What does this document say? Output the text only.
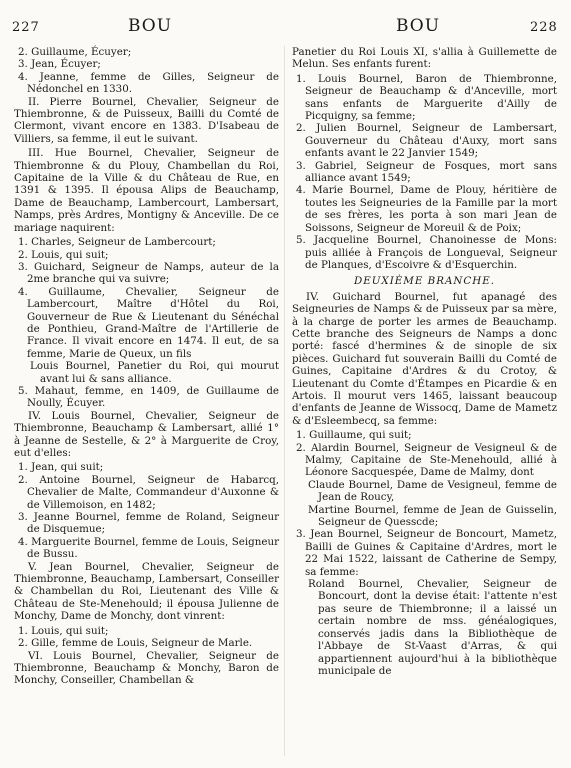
227	BOU	BOU	228

2. Guillaume, Écuyer;

3. Jean, Écuyer;

4. Jeanne, femme de Gilles, Seigneur de Nédonchel en 1330.

II. Pierre Bournel, Chevalier, Seigneur de Thiembronne, & de Puisseux, Bailli du Comté de Clermont, vivant encore en 1383. D'Isabeau de Villiers, sa femme, il eut le suivant.

III. Hue Bournel, Chevalier, Seigneur de Thiembronne & du Plouy, Chambellan du Roi, Capitaine de la Ville & du Château de Rue, en 1391 & 1395. Il épousa Alips de Beauchamp, Dame de Beauchamp, Lambercourt, Lambersart, Namps, près Ardres, Montigny & Anceville. De ce mariage naquirent:

1. Charles, Seigneur de Lambercourt;

2. Louis, qui suit;

3. Guichard, Seigneur de Namps, auteur de la 2me branche qui va suivre;

4. Guillaume, Chevalier, Seigneur de Lambercourt, Maître d'Hôtel du Roi, Gouverneur de Rue & Lieutenant du Sénéchal de Ponthieu, Grand-Maître de l'Artillerie de France. Il vivait encore en 1474. Il eut, de sa femme, Marie de Queux, un fils

Louis Bournel, Panetier du Roi, qui mourut avant lui & sans alliance.

5. Mahaut, femme, en 1409, de Guillaume de Noully, Écuyer.

IV. Louis Bournel, Chevalier, Seigneur de Thiembronne, Beauchamp & Lambersart, allié 1° à Jeanne de Sestelle, & 2° à Marguerite de Croy, eut d'elles:

1. Jean, qui suit;

2. Antoine Bournel, Seigneur de Habarcq, Chevalier de Malte, Commandeur d'Auxonne & de Villemoison, en 1482;

3. Jeanne Bournel, femme de Roland, Seigneur de Disquemue;

4. Marguerite Bournel, femme de Louis, Seigneur de Bussu.

V. Jean Bournel, Chevalier, Seigneur de Thiembronne, Beauchamp, Lambersart, Conseiller & Chambellan du Roi, Lieutenant des Ville & Château de Ste-Menehould; il épousa Julienne de Monchy, Dame de Monchy, dont vinrent:

1. Louis, qui suit;

2. Gille, femme de Louis, Seigneur de Marle.

VI. Louis Bournel, Chevalier, Seigneur de Thiembronne, Beauchamp & Monchy, Baron de Monchy, Conseiller, Chambellan &

Panetier du Roi Louis XI, s'allia à Guillemette de Melun. Ses enfants furent:

1. Louis Bournel, Baron de Thiembronne, Seigneur de Beauchamp & d'Anceville, mort sans enfants de Marguerite d'Ailly de Picquigny, sa femme;

2. Julien Bournel, Seigneur de Lambersart, Gouverneur du Château d'Auxy, mort sans enfants avant le 22 Janvier 1549;

3. Gabriel, Seigneur de Fosques, mort sans alliance avant 1549;

4. Marie Bournel, Dame de Plouy, héritière de toutes les Seigneuries de la Famille par la mort de ses frères, les porta à son mari Jean de Soissons, Seigneur de Moreuil & de Poix;

5. Jacqueline Bournel, Chanoinesse de Mons: puis alliée à François de Longueval, Seigneur de Planques, d'Escoivre & d'Esquerchin.

DEUXIÈME BRANCHE.

IV. Guichard Bournel, fut apanagé des Seigneuries de Namps & de Puisseux par sa mère, à la charge de porter les armes de Beauchamp. Cette branche des Seigneurs de Namps a donc porté: fascé d'hermines & de sinople de six pièces. Guichard fut souverain Bailli du Comté de Guines, Capitaine d'Ardres & du Crotoy, & Lieutenant du Comte d'Étampes en Picardie & en Artois. Il mourut vers 1465, laissant beaucoup d'enfants de Jeanne de Wissocq, Dame de Mametz & d'Esleembecq, sa femme:

1. Guillaume, qui suit;

2. Alardin Bournel, Seigneur de Vesigneul & de Malmy, Capitaine de Ste-Menehould, allié à Léonore Sacquespée, Dame de Malmy, dont

Claude Bournel, Dame de Vesigneul, femme de Jean de Roucy,

Martine Bournel, femme de Jean de Guisselin, Seigneur de Quesscde;

3. Jean Bournel, Seigneur de Boncourt, Mametz, Bailli de Guines & Capitaine d'Ardres, mort le 22 Mai 1522, laissant de Catherine de Sempy, sa femme:

Roland Bournel, Chevalier, Seigneur de Boncourt, dont la devise était: l'attente n'est pas seure de Thiembronne; il a laissé un certain nombre de mss. généalogiques, conservés jadis dans la Bibliothèque de l'Abbaye de St-Vaast d'Arras, & qui appartiennent aujourd'hui à la bibliothèque municipale de
